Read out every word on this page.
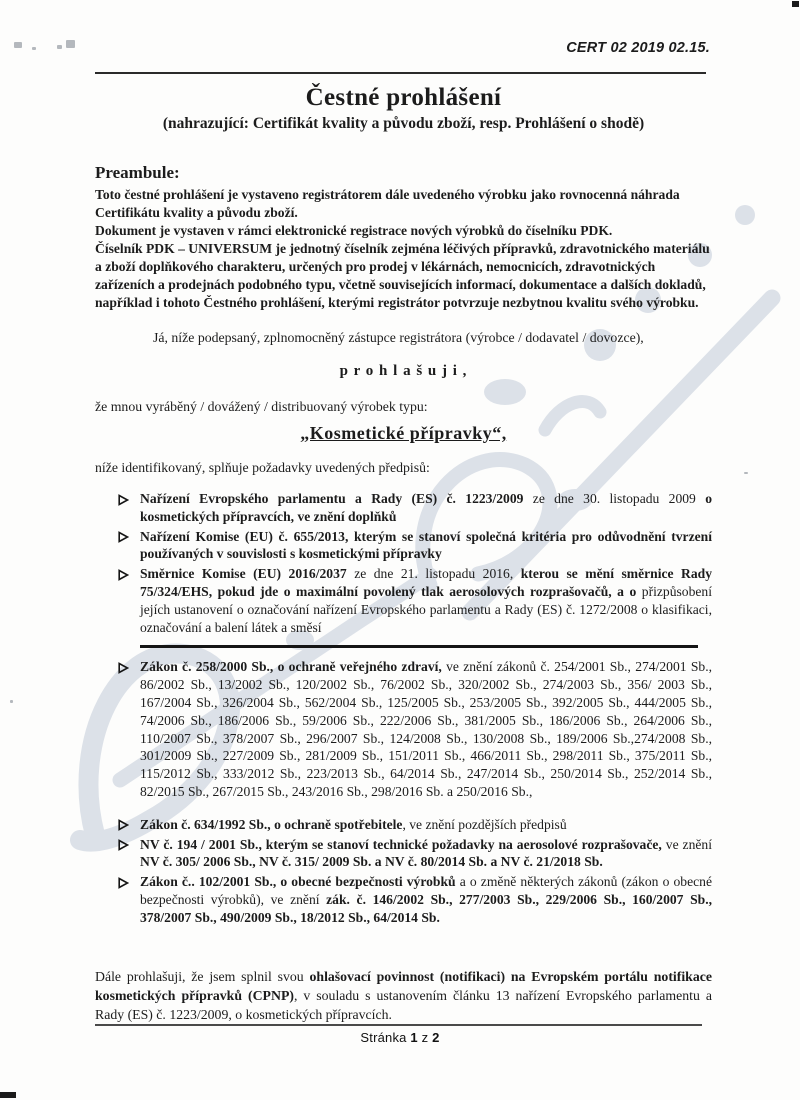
CERT 02 2019 02.15.
Čestné prohlášení
(nahrazující: Certifikát kvality a původu zboží, resp. Prohlášení o shodě)
Preambule:
Toto čestné prohlášení je vystaveno registrátorem dále uvedeného výrobku jako rovnocenná náhrada
Certifikátu kvality a původu zboží.
Dokument je vystaven v rámci elektronické registrace nových výrobků do číselníku PDK.
Číselník PDK – UNIVERSUM je jednotný číselník zejména léčivých přípravků, zdravotnického materiálu
a zboží doplňkového charakteru, určených pro prodej v lékárnách, nemocnicích, zdravotnických
zařízeních a prodejnách podobného typu, včetně souvisejících informací, dokumentace a dalších dokladů,
například i tohoto Čestného prohlášení, kterými registrátor potvrzuje nezbytnou kvalitu svého výrobku.
Já, níže podepsaný, zplnomocněný zástupce registrátora (výrobce / dodavatel / dovozce),
p r o h l a š u j i ,
že mnou vyráběný / dovážený / distribuovaný výrobek typu:
„Kosmetické přípravky“,
níže identifikovaný, splňuje požadavky uvedených předpisů:
Nařízení Evropského parlamentu a Rady (ES) č. 1223/2009 ze dne 30. listopadu 2009 o kosmetických přípravcích, ve znění doplňků
Nařízení Komise (EU) č. 655/2013, kterým se stanoví společná kritéria pro odůvodnění tvrzení používaných v souvislosti s kosmetickými přípravky
Směrnice Komise (EU) 2016/2037 ze dne 21. listopadu 2016, kterou se mění směrnice Rady 75/324/EHS, pokud jde o maximální povolený tlak aerosolových rozprašovačů, a o přizpůsobení jejích ustanovení o označování nařízení Evropského parlamentu a Rady (ES) č. 1272/2008 o klasifikaci, označování a balení látek a směsí
Zákon č. 258/2000 Sb., o ochraně veřejného zdraví, ve znění zákonů č. 254/2001 Sb., 274/2001 Sb., 86/2002 Sb., 13/2002 Sb., 120/2002 Sb., 76/2002 Sb., 320/2002 Sb., 274/2003 Sb., 356/ 2003 Sb., 167/2004 Sb., 326/2004 Sb., 562/2004 Sb., 125/2005 Sb., 253/2005 Sb., 392/2005 Sb., 444/2005 Sb., 74/2006 Sb., 186/2006 Sb., 59/2006 Sb., 222/2006 Sb., 381/2005 Sb., 186/2006 Sb., 264/2006 Sb., 110/2007 Sb., 378/2007 Sb., 296/2007 Sb., 124/2008 Sb., 130/2008 Sb., 189/2006 Sb.,274/2008 Sb., 301/2009 Sb., 227/2009 Sb., 281/2009 Sb., 151/2011 Sb., 466/2011 Sb., 298/2011 Sb., 375/2011 Sb., 115/2012 Sb., 333/2012 Sb., 223/2013 Sb., 64/2014 Sb., 247/2014 Sb., 250/2014 Sb., 252/2014 Sb., 82/2015 Sb., 267/2015 Sb., 243/2016 Sb., 298/2016 Sb. a 250/2016 Sb.,
Zákon č. 634/1992 Sb., o ochraně spotřebitele, ve znění pozdějších předpisů
NV č. 194 / 2001 Sb., kterým se stanoví technické požadavky na aerosolové rozprašovače, ve znění NV č. 305/ 2006 Sb., NV č. 315/ 2009 Sb. a NV č. 80/2014 Sb. a NV č. 21/2018 Sb.
Zákon č.. 102/2001 Sb., o obecné bezpečnosti výrobků a o změně některých zákonů (zákon o obecné bezpečnosti výrobků), ve znění zák. č. 146/2002 Sb., 277/2003 Sb., 229/2006 Sb., 160/2007 Sb., 378/2007 Sb., 490/2009 Sb., 18/2012 Sb., 64/2014 Sb.
Dále prohlašuji, že jsem splnil svou ohlašovací povinnost (notifikaci) na Evropském portálu notifikace kosmetických přípravků (CPNP), v souladu s ustanovením článku 13 nařízení Evropského parlamentu a Rady (ES) č. 1223/2009, o kosmetických přípravcích.
Stránka 1 z 2
